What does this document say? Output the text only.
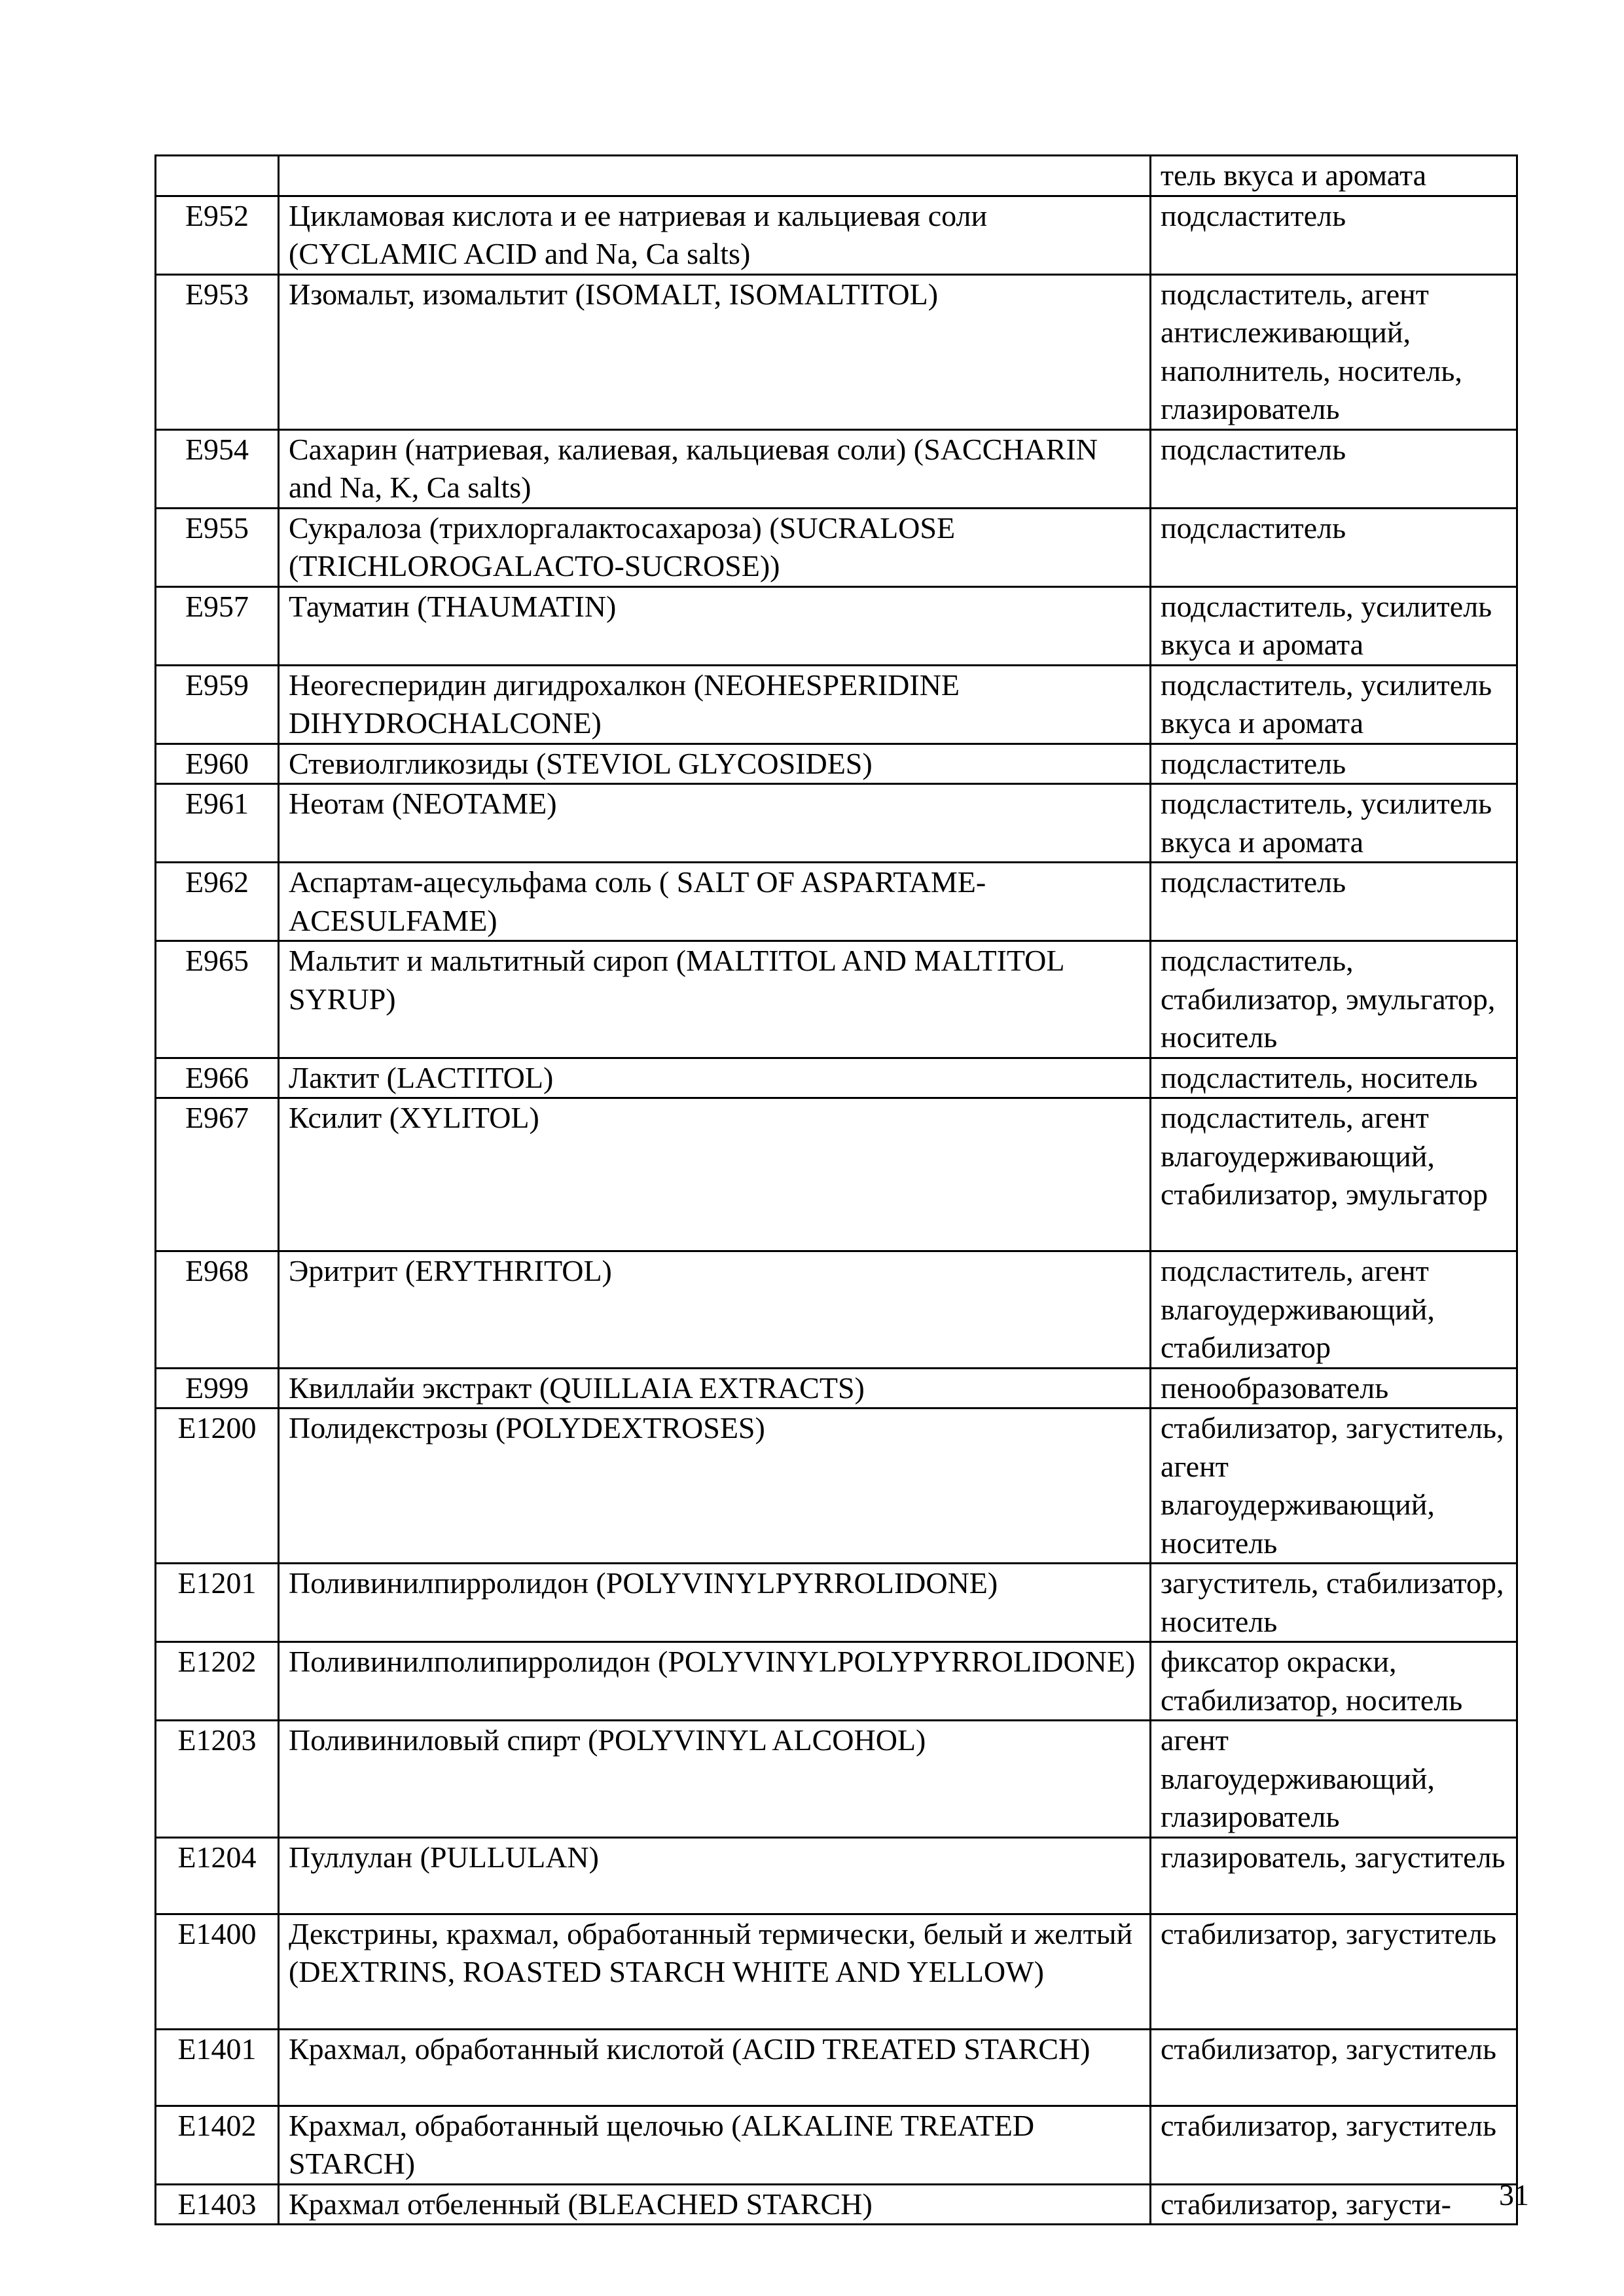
		тель вкуса и аромата
E952	Цикламовая кислота и ее натриевая и кальциевая соли (CYCLAMIC ACID and Na, Ca salts)	подсластитель
E953	Изомальт, изомальтит (ISOMALT, ISOMALTITOL)	подсластитель, агент антислеживающий, наполнитель, носитель, глазирователь
E954	Сахарин (натриевая, калиевая, кальциевая соли) (SACCHARIN and Na, K, Ca salts)	подсластитель
E955	Сукралоза (трихлоргалактосахароза) (SUCRALOSE (TRICHLOROGALACTO-SUCROSE))	подсластитель
E957	Тауматин (THAUMATIN)	подсластитель, усилитель вкуса и аромата
E959	Неогесперидин дигидрохалкон (NEOHESPERIDINE DIHYDROCHALCONE)	подсластитель, усилитель вкуса и аромата
E960	Стевиолгликозиды (STEVIOL GLYCOSIDES)	подсластитель
E961	Неотам (NEOTAME)	подсластитель, усилитель вкуса и аромата
E962	Аспартам-ацесульфама соль ( SALT OF ASPARTAME-ACESULFAME)	подсластитель
E965	Мальтит и мальтитный сироп (MALTITOL AND MALTITOL SYRUP)	подсластитель, стабилизатор, эмульгатор, носитель
E966	Лактит (LACTITOL)	подсластитель, носитель
E967	Ксилит (XYLITOL)	подсластитель, агент влагоудерживающий, стабилизатор, эмульгатор
E968	Эритрит (ERYTHRITOL)	подсластитель, агент влагоудерживающий, стабилизатор
E999	Квиллайи экстракт (QUILLAIA EXTRACTS)	пенообразователь
E1200	Полидекстрозы (POLYDEXTROSES)	стабилизатор, загуститель, агент влагоудерживающий, носитель
E1201	Поливинилпирролидон (POLYVINYLPYRROLIDONE)	загуститель, стабилизатор, носитель
E1202	Поливинилполипирролидон (POLYVINYLPOLYPYRROLIDONE)	фиксатор окраски, стабилизатор, носитель
E1203	Поливиниловый спирт (POLYVINYL ALCOHOL)	агент влагоудерживающий, глазирователь
E1204	Пуллулан (PULLULAN)	глазирователь, загуститель
E1400	Декстрины, крахмал, обработанный термически, белый и желтый (DEXTRINS, ROASTED STARCH WHITE AND YELLOW)	стабилизатор, загуститель
E1401	Крахмал, обработанный кислотой (ACID TREATED STARCH)	стабилизатор, загуститель
E1402	Крахмал, обработанный щелочью (ALKALINE TREATED STARCH)	стабилизатор, загуститель
E1403	Крахмал отбеленный (BLEACHED STARCH)	стабилизатор, загусти- 31
